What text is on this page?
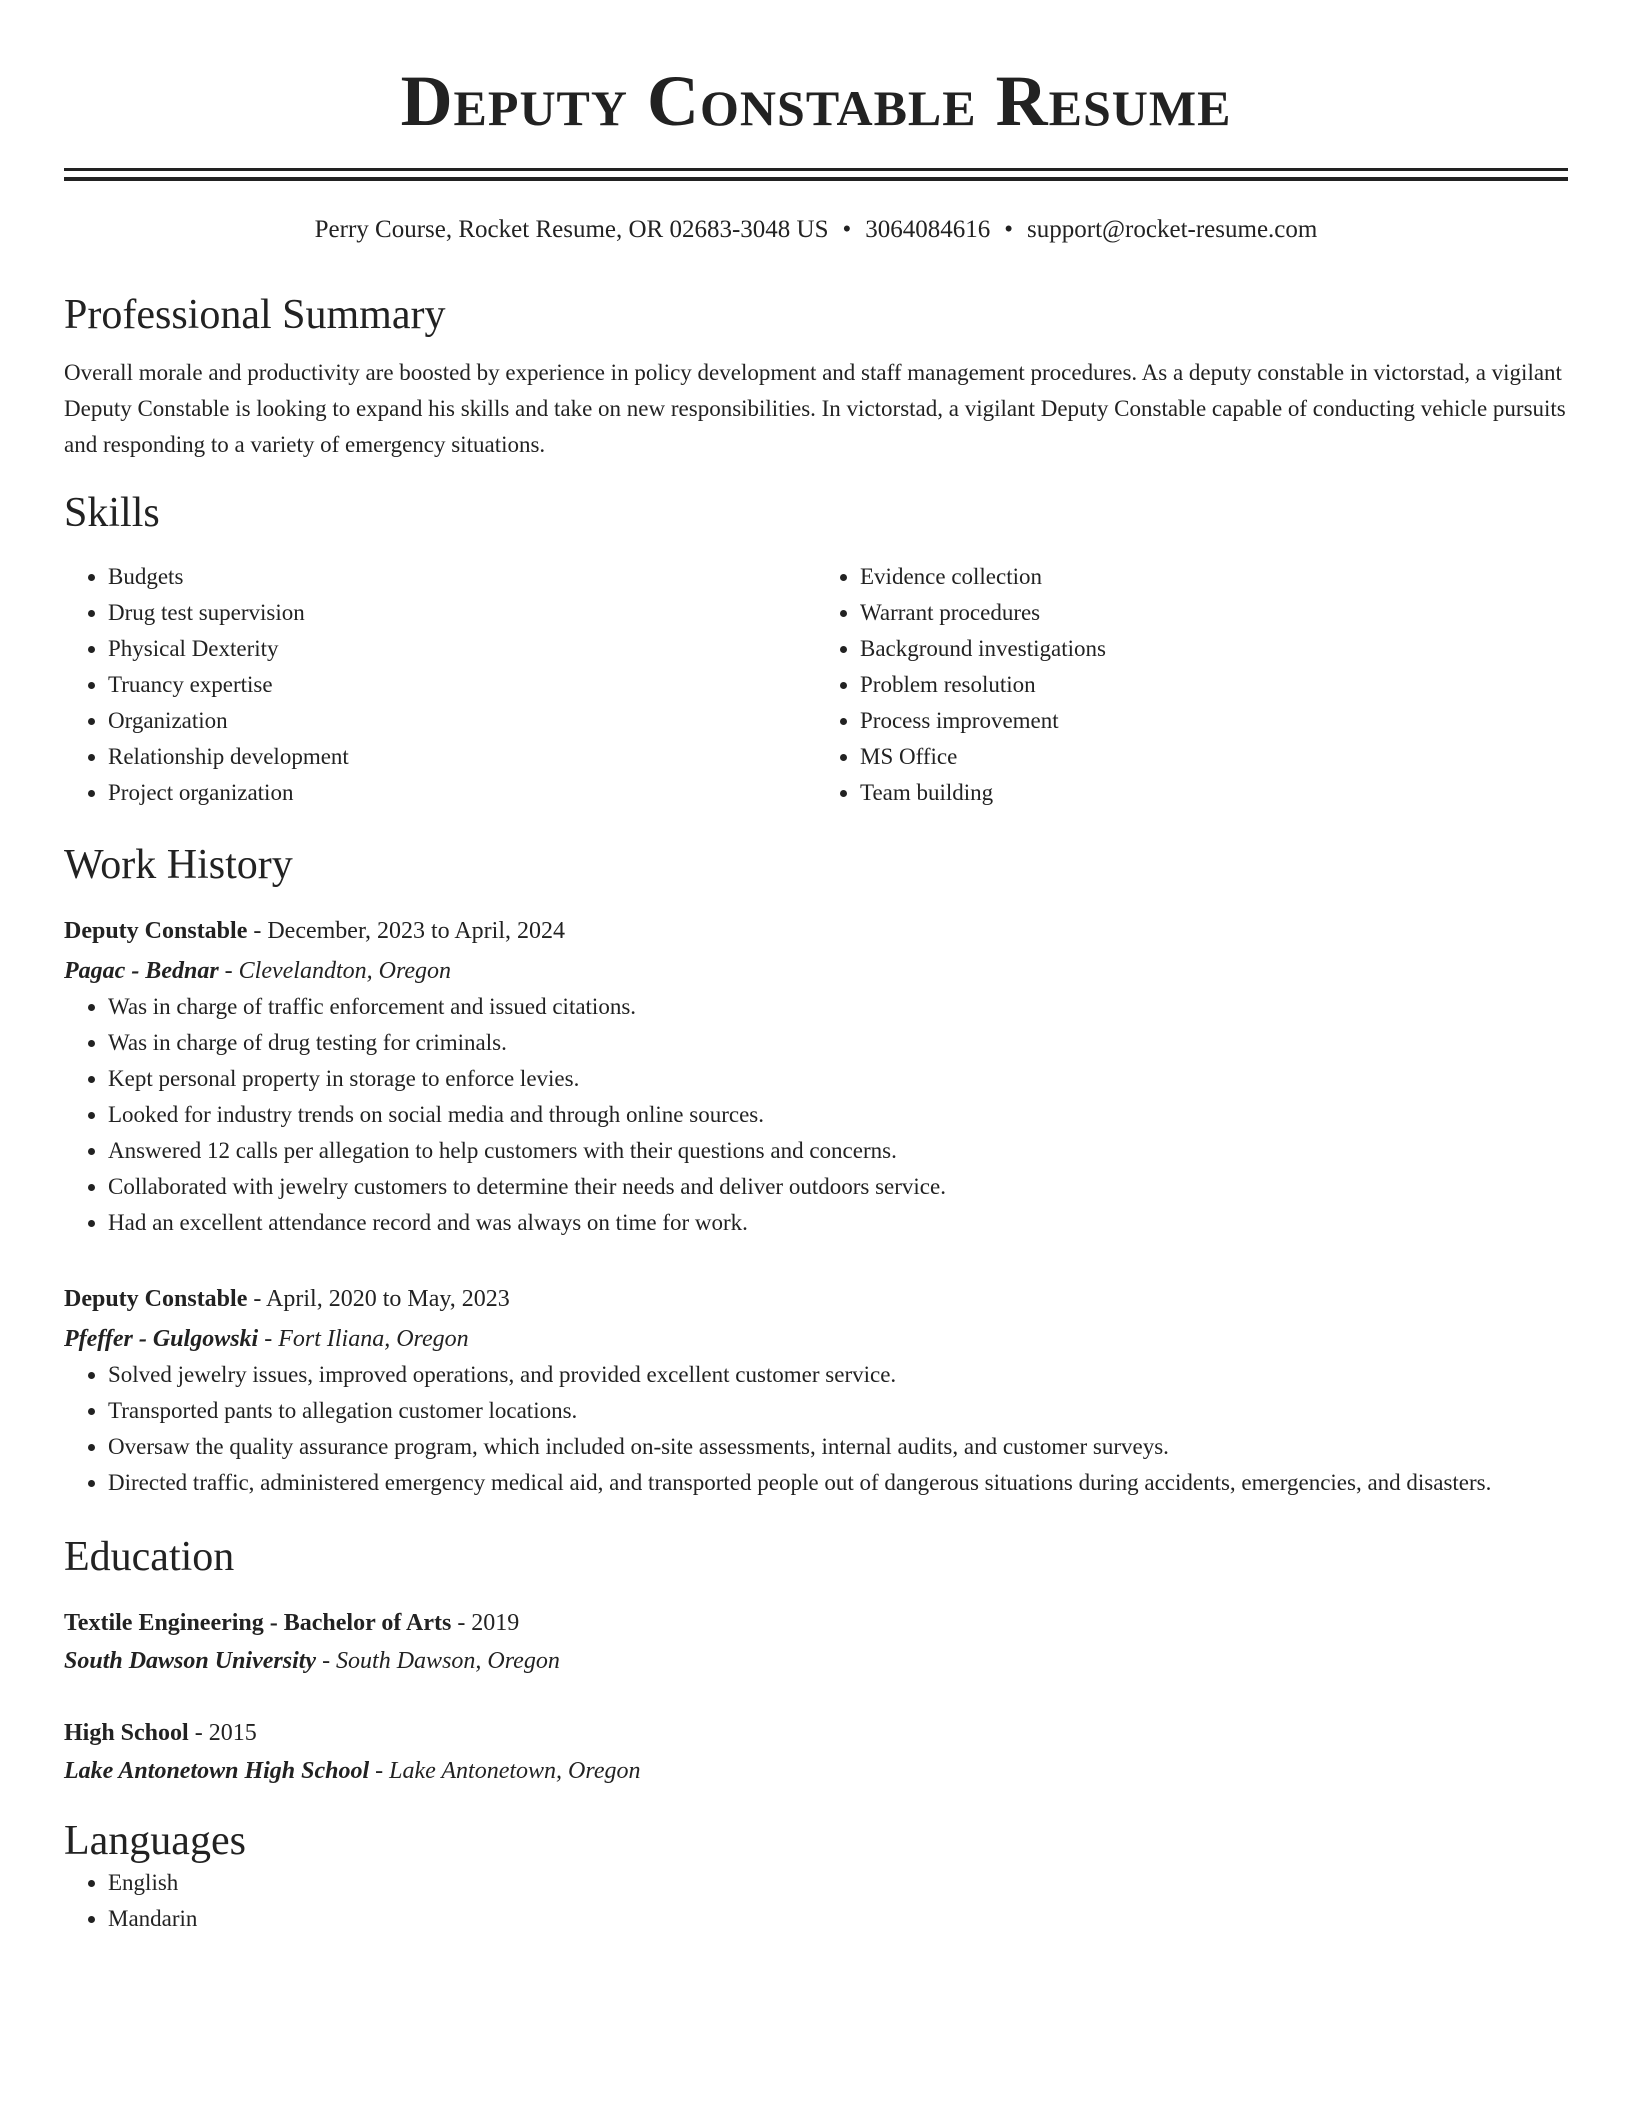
Deputy Constable Resume
Perry Course, Rocket Resume, OR 02683-3048 US • 3064084616 • support@rocket-resume.com
Professional Summary
Overall morale and productivity are boosted by experience in policy development and staff management procedures. As a deputy constable in victorstad, a vigilant Deputy Constable is looking to expand his skills and take on new responsibilities. In victorstad, a vigilant Deputy Constable capable of conducting vehicle pursuits and responding to a variety of emergency situations.
Skills
• Budgets
• Drug test supervision
• Physical Dexterity
• Truancy expertise
• Organization
• Relationship development
• Project organization
• Evidence collection
• Warrant procedures
• Background investigations
• Problem resolution
• Process improvement
• MS Office
• Team building
Work History
Deputy Constable - December, 2023 to April, 2024
Pagac - Bednar - Clevelandton, Oregon
• Was in charge of traffic enforcement and issued citations.
• Was in charge of drug testing for criminals.
• Kept personal property in storage to enforce levies.
• Looked for industry trends on social media and through online sources.
• Answered 12 calls per allegation to help customers with their questions and concerns.
• Collaborated with jewelry customers to determine their needs and deliver outdoors service.
• Had an excellent attendance record and was always on time for work.
Deputy Constable - April, 2020 to May, 2023
Pfeffer - Gulgowski - Fort Iliana, Oregon
• Solved jewelry issues, improved operations, and provided excellent customer service.
• Transported pants to allegation customer locations.
• Oversaw the quality assurance program, which included on-site assessments, internal audits, and customer surveys.
• Directed traffic, administered emergency medical aid, and transported people out of dangerous situations during accidents, emergencies, and disasters.
Education
Textile Engineering - Bachelor of Arts - 2019
South Dawson University - South Dawson, Oregon
High School - 2015
Lake Antonetown High School - Lake Antonetown, Oregon
Languages
• English
• Mandarin
